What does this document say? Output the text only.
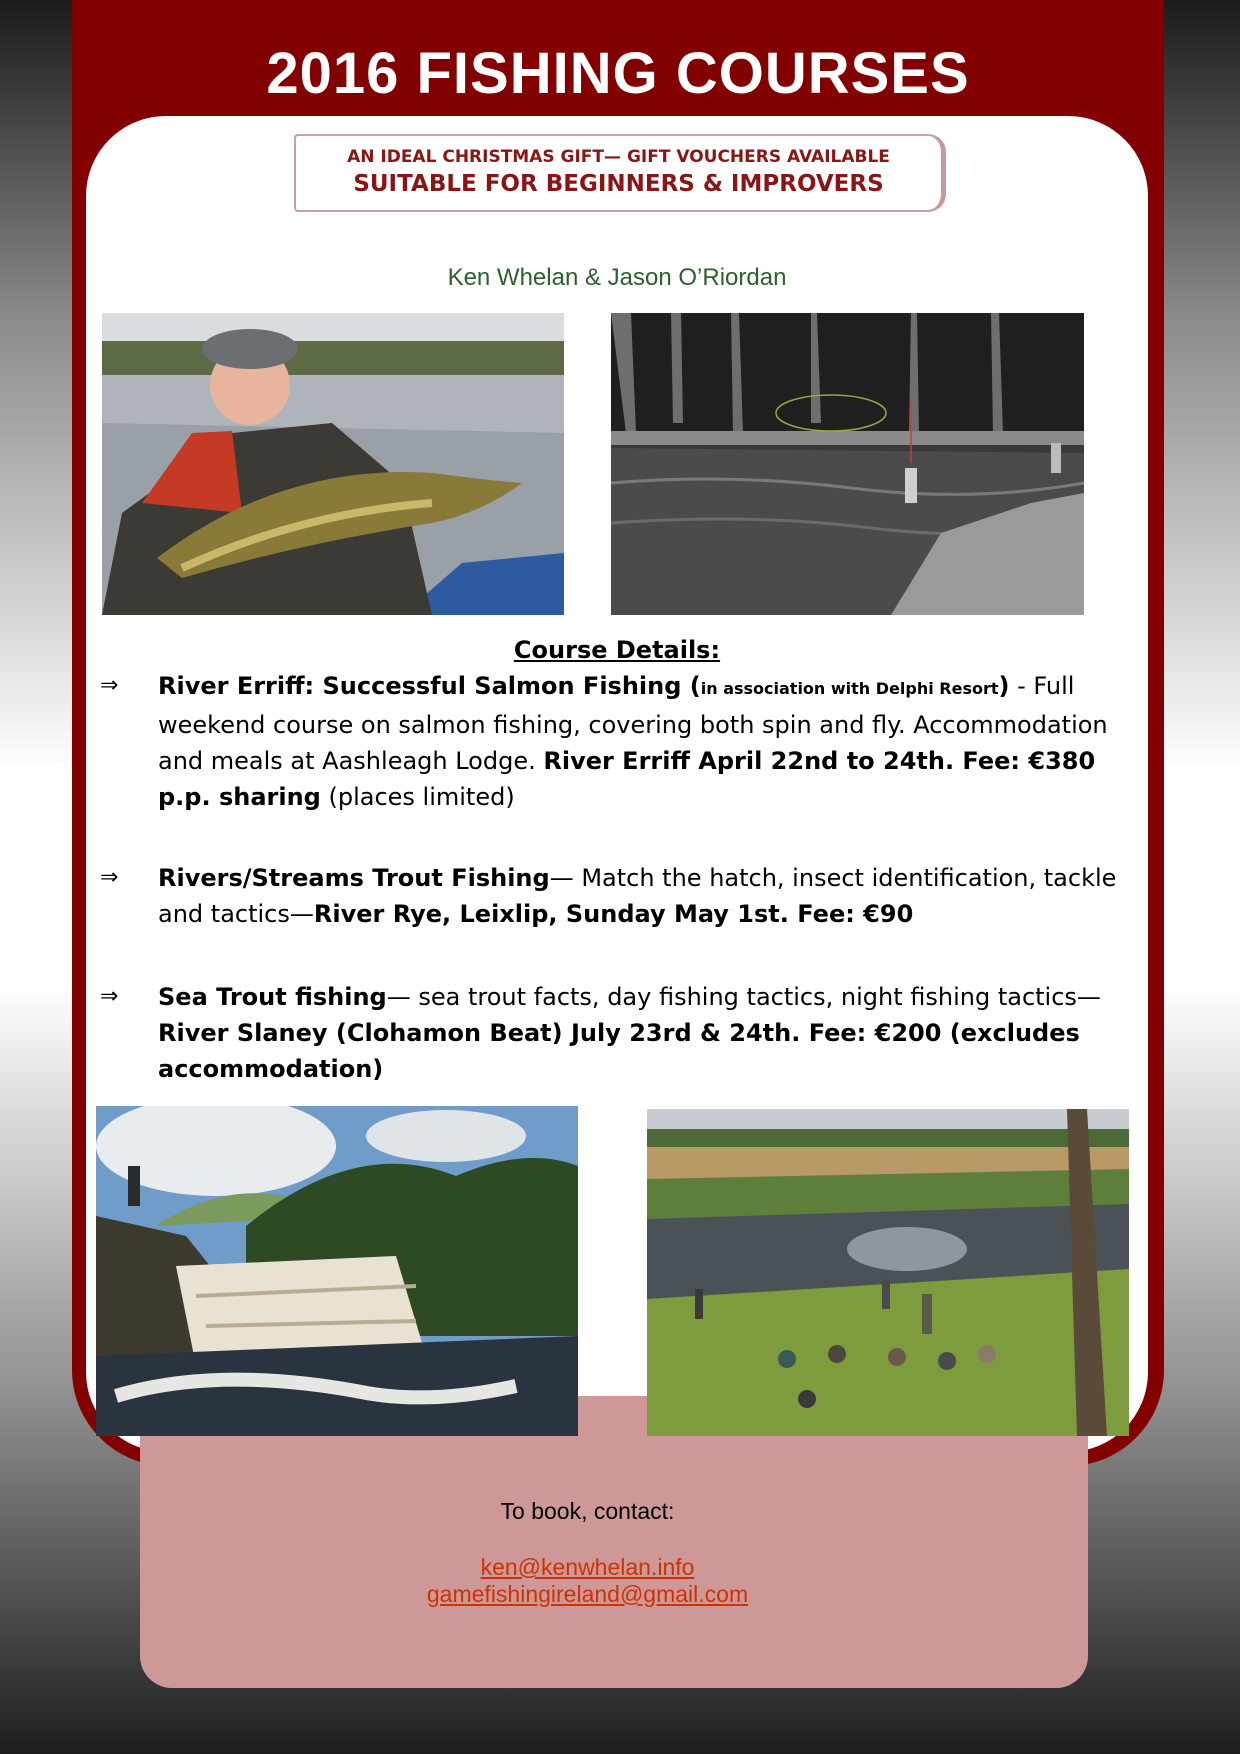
2016 FISHING COURSES
AN IDEAL CHRISTMAS GIFT— GIFT VOUCHERS AVAILABLE
SUITABLE FOR BEGINNERS & IMPROVERS
Ken Whelan & Jason O’Riordan
Course Details:
⇒ River Erriff: Successful Salmon Fishing (in association with Delphi Resort) - Full weekend course on salmon fishing, covering both spin and fly. Accommodation and meals at Aashleagh Lodge. River Erriff April 22nd to 24th. Fee: €380 p.p. sharing (places limited)
⇒ Rivers/Streams Trout Fishing— Match the hatch, insect identification, tackle and tactics—River Rye, Leixlip, Sunday May 1st. Fee: €90
⇒ Sea Trout fishing— sea trout facts, day fishing tactics, night fishing tactics—River Slaney (Clohamon Beat) July 23rd & 24th. Fee: €200 (excludes accommodation)
To book, contact:
ken@kenwhelan.info
gamefishingireland@gmail.com
